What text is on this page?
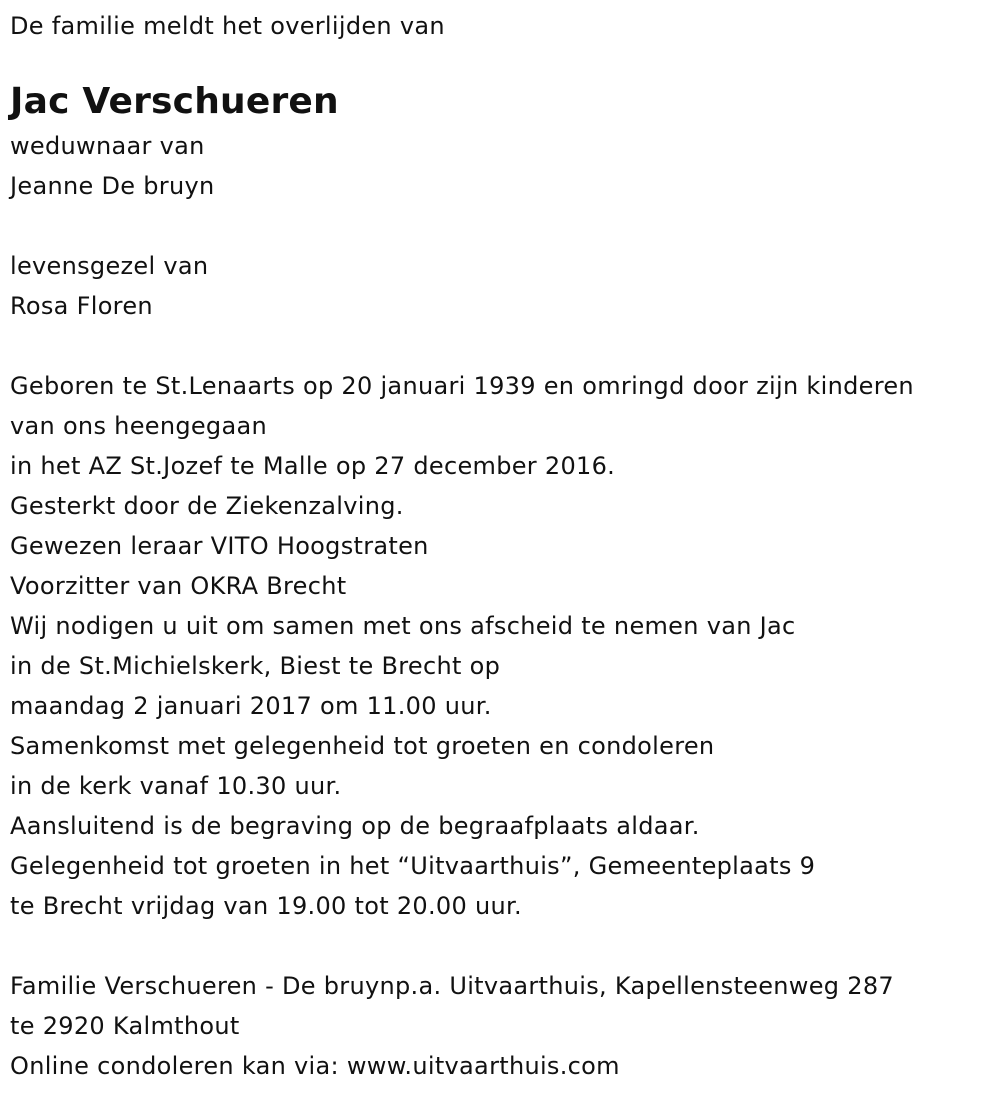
De familie meldt het overlijden van
Jac Verschueren
weduwnaar van
Jeanne De bruyn
levensgezel van
Rosa Floren
Geboren te St.Lenaarts op 20 januari 1939 en omringd door zijn kinderen
van ons heengegaan
in het AZ St.Jozef te Malle op 27 december 2016.
Gesterkt door de Ziekenzalving.
Gewezen leraar VITO Hoogstraten
Voorzitter van OKRA Brecht
Wij nodigen u uit om samen met ons afscheid te nemen van Jac
in de St.Michielskerk, Biest te Brecht op
maandag 2 januari 2017 om 11.00 uur.
Samenkomst met gelegenheid tot groeten en condoleren
in de kerk vanaf 10.30 uur.
Aansluitend is de begraving op de begraafplaats aldaar.
Gelegenheid tot groeten in het “Uitvaarthuis”, Gemeenteplaats 9
te Brecht vrijdag van 19.00 tot 20.00 uur.
Familie Verschueren - De bruynp.a. Uitvaarthuis, Kapellensteenweg 287
te 2920 Kalmthout
Online condoleren kan via: www.uitvaarthuis.com
